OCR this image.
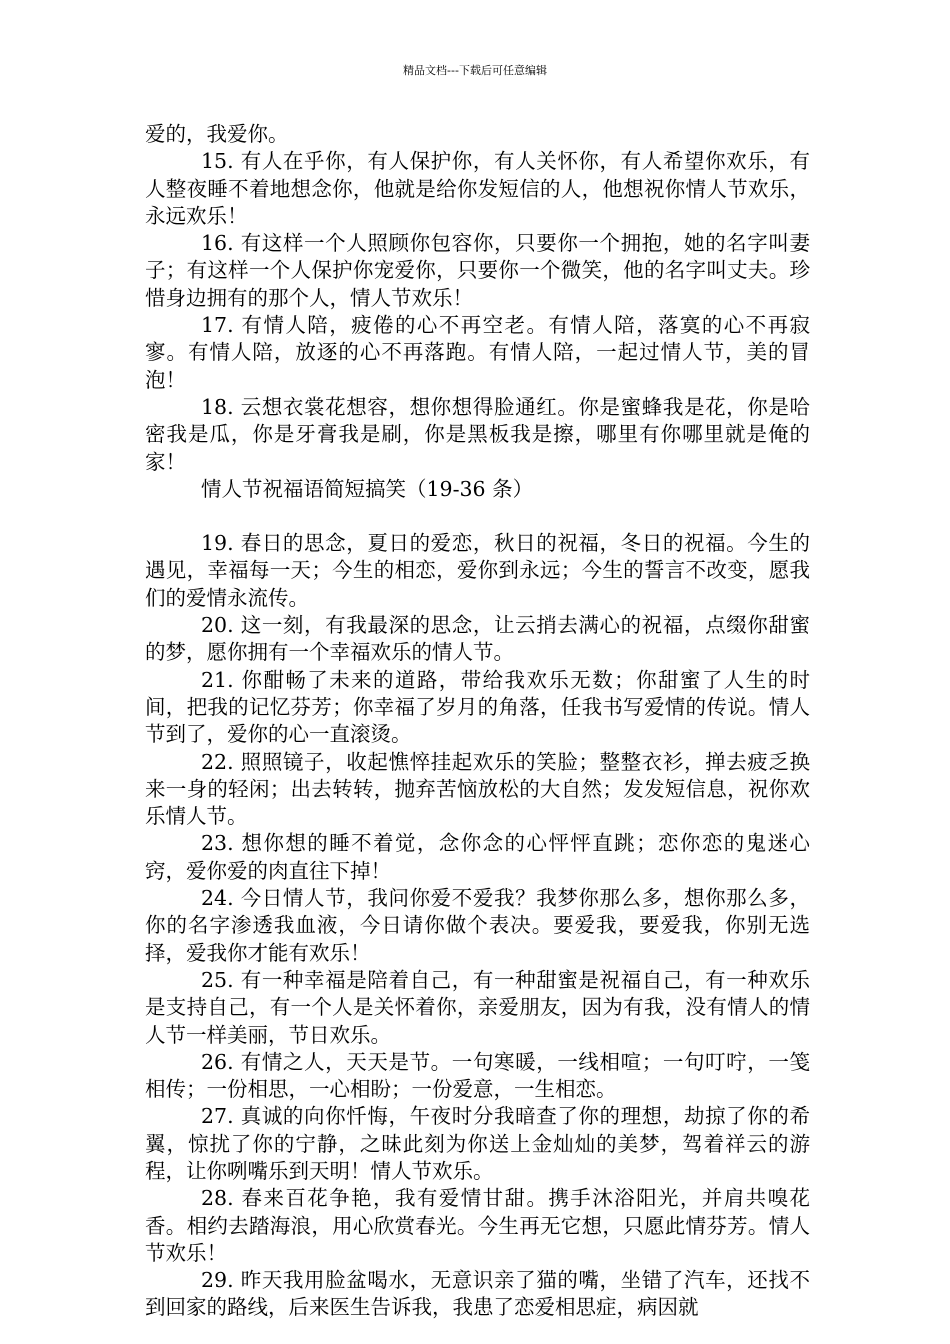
精品文档---下载后可任意编辑

爱的，我爱你。

15. 有人在乎你，有人保护你，有人关怀你，有人希望你欢乐，有人整夜睡不着地想念你，他就是给你发短信的人，他想祝你情人节欢乐，永远欢乐！

16. 有这样一个人照顾你包容你，只要你一个拥抱，她的名字叫妻子；有这样一个人保护你宠爱你，只要你一个微笑，他的名字叫丈夫。珍惜身边拥有的那个人，情人节欢乐！

17. 有情人陪，疲倦的心不再空老。有情人陪，落寞的心不再寂寥。有情人陪，放逐的心不再落跑。有情人陪，一起过情人节，美的冒泡！

18. 云想衣裳花想容，想你想得脸通红。你是蜜蜂我是花，你是哈密我是瓜，你是牙膏我是刷，你是黑板我是擦，哪里有你哪里就是俺的家！

情人节祝福语简短搞笑（19-36 条）

19. 春日的思念，夏日的爱恋，秋日的祝福，冬日的祝福。今生的遇见，幸福每一天；今生的相恋，爱你到永远；今生的誓言不改变，愿我们的爱情永流传。

20. 这一刻，有我最深的思念，让云捎去满心的祝福，点缀你甜蜜的梦，愿你拥有一个幸福欢乐的情人节。

21. 你酣畅了未来的道路，带给我欢乐无数；你甜蜜了人生的时间，把我的记忆芬芳；你幸福了岁月的角落，任我书写爱情的传说。情人节到了，爱你的心一直滚烫。

22. 照照镜子，收起憔悴挂起欢乐的笑脸；整整衣衫，掸去疲乏换来一身的轻闲；出去转转，抛弃苦恼放松的大自然；发发短信息，祝你欢乐情人节。

23. 想你想的睡不着觉，念你念的心怦怦直跳；恋你恋的鬼迷心窍，爱你爱的肉直往下掉！

24. 今日情人节，我问你爱不爱我？我梦你那么多，想你那么多，你的名字渗透我血液，今日请你做个表决。要爱我，要爱我，你别无选择，爱我你才能有欢乐！

25. 有一种幸福是陪着自己，有一种甜蜜是祝福自己，有一种欢乐是支持自己，有一个人是关怀着你，亲爱朋友，因为有我，没有情人的情人节一样美丽，节日欢乐。

26. 有情之人，天天是节。一句寒暖，一线相喧；一句叮咛，一笺相传；一份相思，一心相盼；一份爱意，一生相恋。

27. 真诚的向你忏悔，午夜时分我暗查了你的理想，劫掠了你的希翼，惊扰了你的宁静，之昧此刻为你送上金灿灿的美梦，驾着祥云的游程，让你咧嘴乐到天明！情人节欢乐。

28. 春来百花争艳，我有爱情甘甜。携手沐浴阳光，并肩共嗅花香。相约去踏海浪，用心欣赏春光。今生再无它想，只愿此情芬芳。情人节欢乐！

29. 昨天我用脸盆喝水，无意识亲了猫的嘴，坐错了汽车，还找不到回家的路线，后来医生告诉我，我患了恋爱相思症，病因就
